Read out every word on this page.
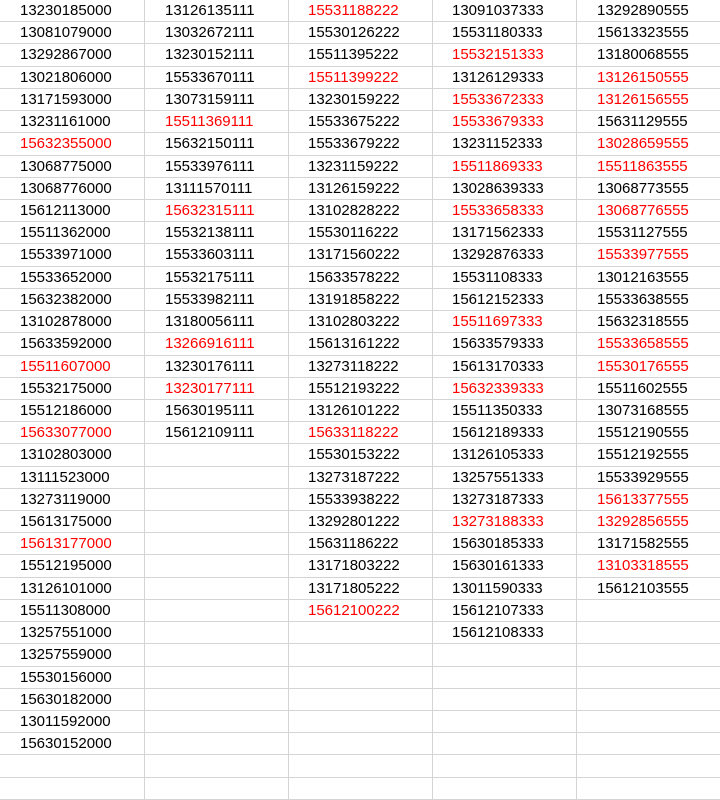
13230185000
13081079000
13292867000
13021806000
13171593000
13231161000
15632355000
13068775000
13068776000
15612113000
15511362000
15533971000
15533652000
15632382000
13102878000
15633592000
15511607000
15532175000
15512186000
15633077000
13102803000
13111523000
13273119000
15613175000
15613177000
15512195000
13126101000
15511308000
13257551000
13257559000
15530156000
15630182000
13011592000
15630152000
13126135111
13032672111
13230152111
15533670111
13073159111
15511369111
15632150111
15533976111
13111570111
15632315111
15532138111
15533603111
15532175111
15533982111
13180056111
13266916111
13230176111
13230177111
15630195111
15612109111
15531188222
15530126222
15511395222
15511399222
13230159222
15533675222
15533679222
13231159222
13126159222
13102828222
15530116222
13171560222
15633578222
13191858222
13102803222
15613161222
13273118222
15512193222
13126101222
15633118222
15530153222
13273187222
15533938222
13292801222
15631186222
13171803222
13171805222
15612100222
13091037333
15531180333
15532151333
13126129333
15533672333
15533679333
13231152333
15511869333
13028639333
15533658333
13171562333
13292876333
15531108333
15612152333
15511697333
15633579333
15613170333
15632339333
15511350333
15612189333
13126105333
13257551333
13273187333
13273188333
15630185333
15630161333
13011590333
15612107333
15612108333
13292890555
15613323555
13180068555
13126150555
13126156555
15631129555
13028659555
15511863555
13068773555
13068776555
15531127555
15533977555
13012163555
15533638555
15632318555
15533658555
15530176555
15511602555
13073168555
15512190555
15512192555
15533929555
15613377555
13292856555
13171582555
13103318555
15612103555
